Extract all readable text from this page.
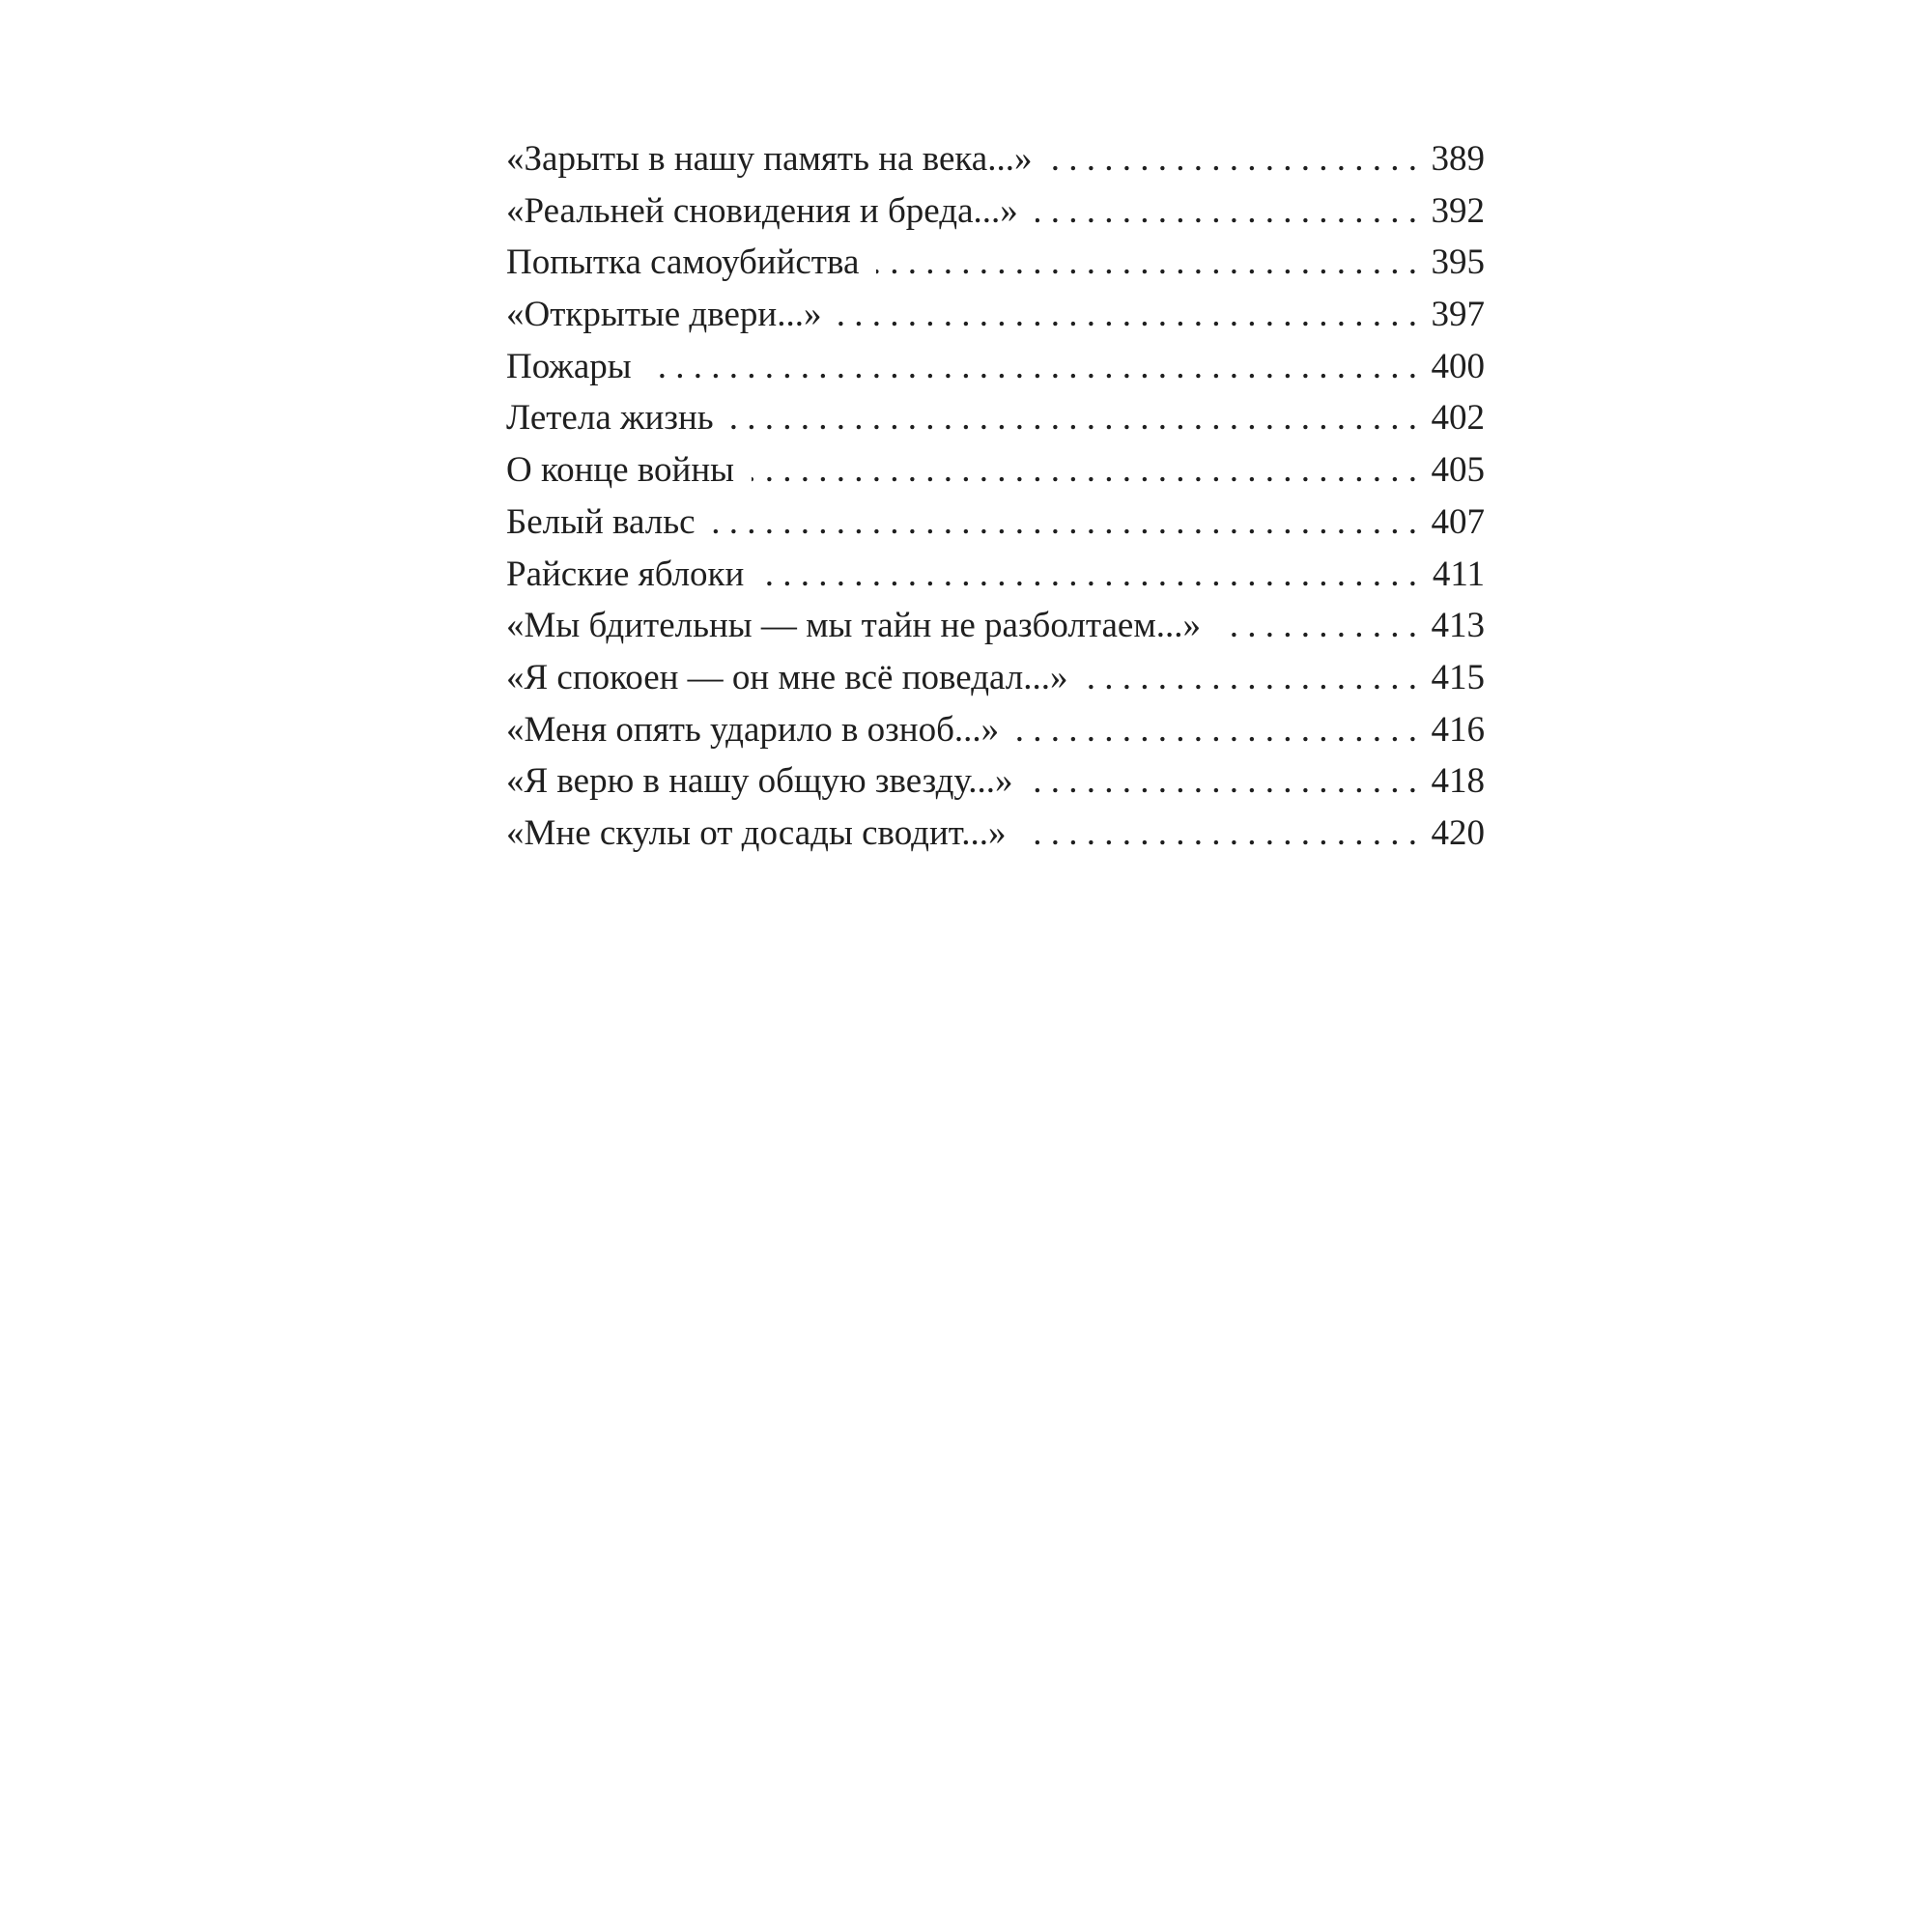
«Зарыты в нашу память на века...» . . .	389
«Реальней сновидения и бреда...» . . .	392
Попытка самоубийства . . .	395
«Открытые двери...» . . .	397
Пожары . . .	400
Летела жизнь . . .	402
О конце войны . . .	405
Белый вальс . . .	407
Райские яблоки . . .	411
«Мы бдительны — мы тайн не разболтаем...» . . .	413
«Я спокоен — он мне всё поведал...» . . .	415
«Меня опять ударило в озноб...» . . .	416
«Я верю в нашу общую звезду...» . . .	418
«Мне скулы от досады сводит...» . . .	420
